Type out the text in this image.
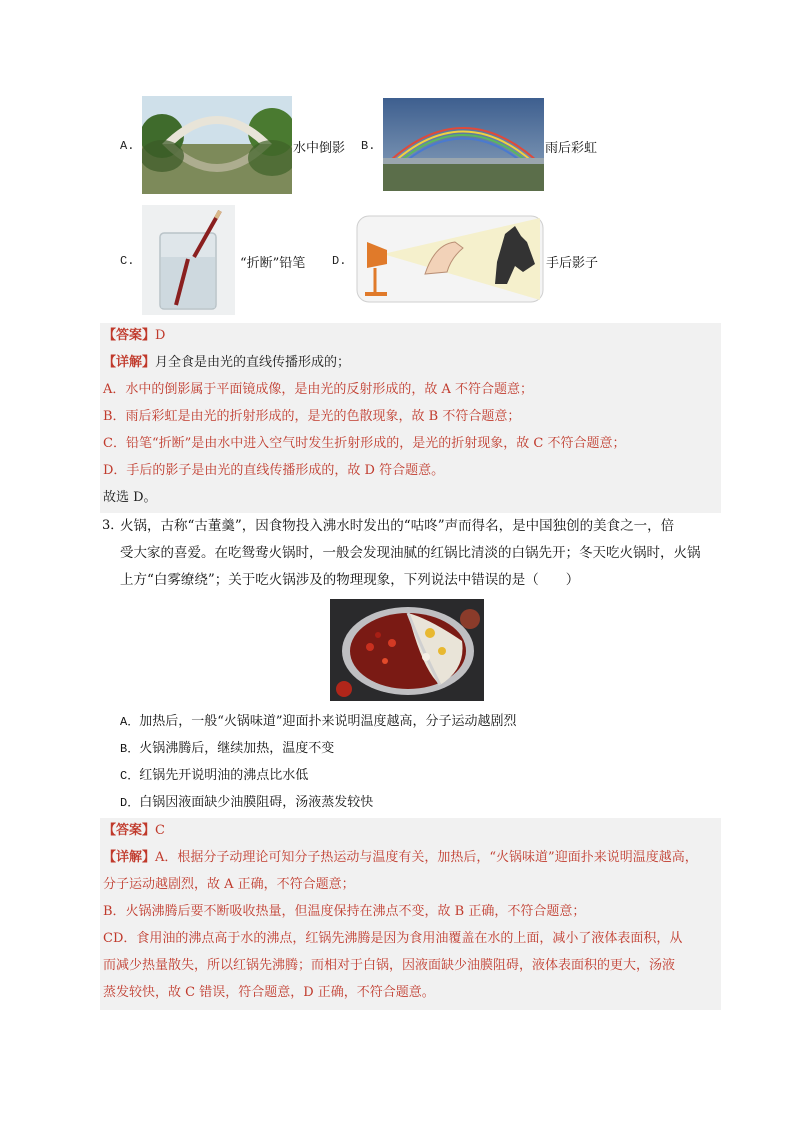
A.	水中倒影 B.	雨后彩虹
C.	“折断”铅笔 D.	手后影子
【答案】D
【详解】月全食是由光的直线传播形成的；
A．水中的倒影属于平面镜成像，是由光的反射形成的，故 A 不符合题意；
B．雨后彩虹是由光的折射形成的，是光的色散现象，故 B 不符合题意；
C．铅笔“折断”是由水中进入空气时发生折射形成的，是光的折射现象，故 C 不符合题意；
D．手后的影子是由光的直线传播形成的，故 D 符合题意。
故选 D。
3．
火锅，古称“古董羹”，因食物投入沸水时发出的“咕咚”声而得名，是中国独创的美食之一，倍
受大家的喜爱。在吃鸳鸯火锅时，一般会发现油腻的红锅比清淡的白锅先开；冬天吃火锅时，火锅
上方“白雾缭绕”；关于吃火锅涉及的物理现象，下列说法中错误的是（　　）
A．加热后，一般“火锅味道”迎面扑来说明温度越高，分子运动越剧烈
B．火锅沸腾后，继续加热，温度不变
C．红锅先开说明油的沸点比水低
D．白锅因液面缺少油膜阻碍，汤液蒸发较快
【答案】C
【详解】A．根据分子动理论可知分子热运动与温度有关，加热后，“火锅味道”迎面扑来说明温度越高，
分子运动越剧烈，故 A 正确，不符合题意；
B．火锅沸腾后要不断吸收热量，但温度保持在沸点不变，故 B 正确，不符合题意；
CD．食用油的沸点高于水的沸点，红锅先沸腾是因为食用油覆盖在水的上面，减小了液体表面积，从
而减少热量散失，所以红锅先沸腾；而相对于白锅，因液面缺少油膜阻碍，液体表面积的更大，汤液
蒸发较快，故 C 错误，符合题意，D 正确，不符合题意。
